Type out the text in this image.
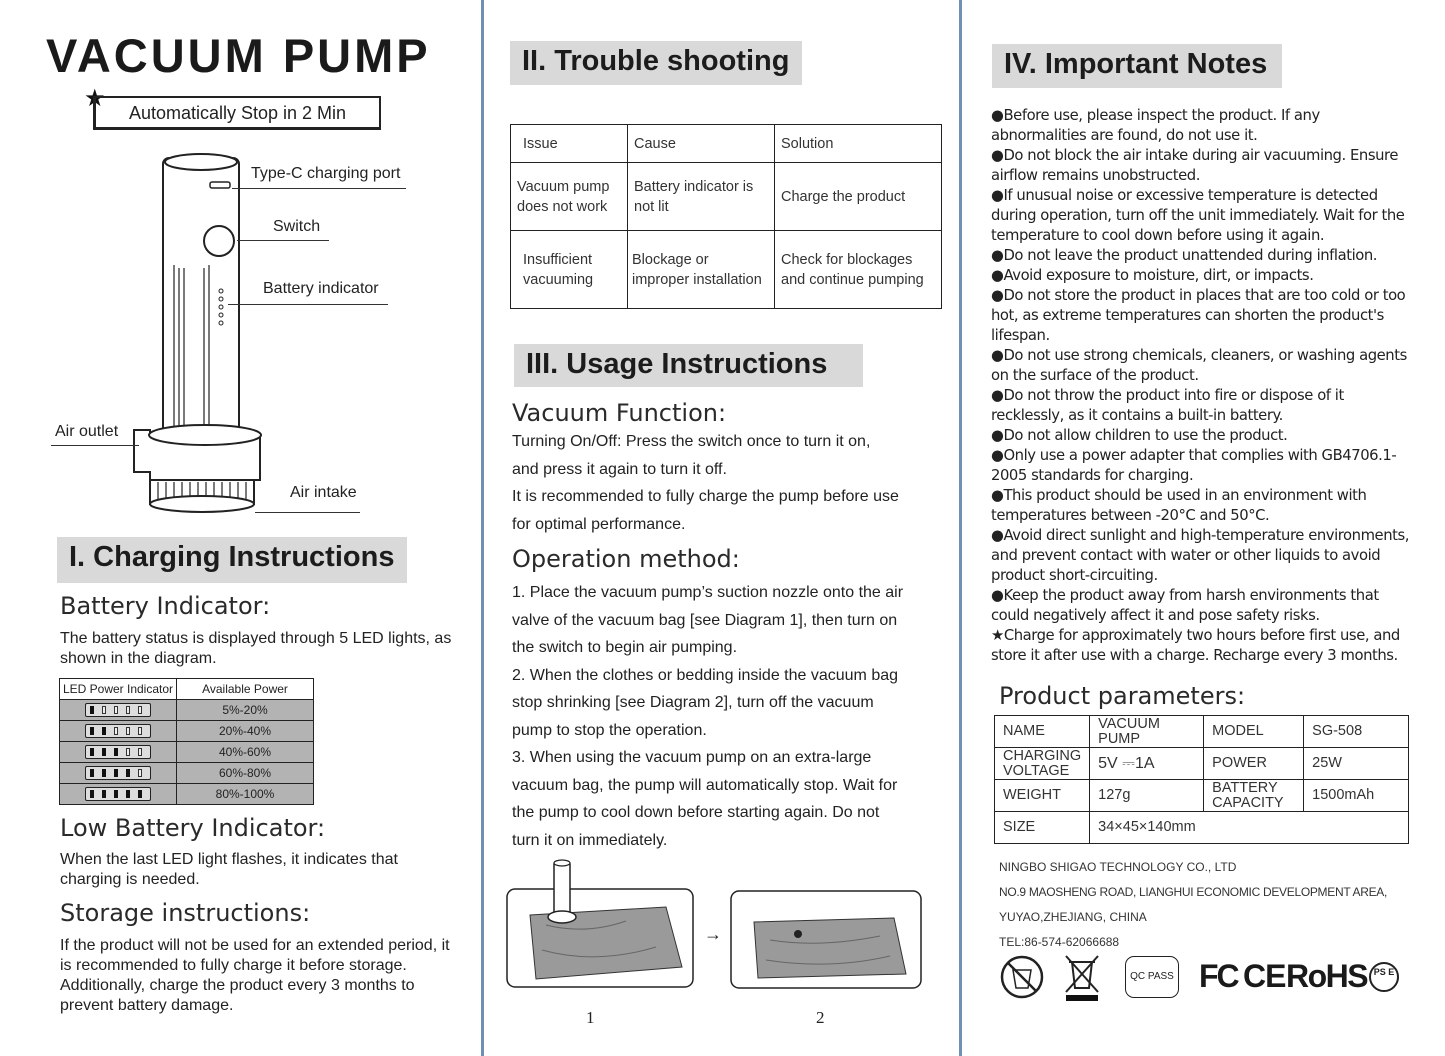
VACUUM PUMP
★
Automatically Stop in 2 Min
Type-C charging port
Switch
Battery indicator
Air outlet
Air intake
I. Charging Instructions
Battery Indicator:
The battery status is displayed through 5 LED lights, as shown in the diagram.
LED Power Indicator	Available Power

	5%-20%

	20%-40%

	40%-60%

	60%-80%

	80%-100%
Low Battery Indicator:
When the last LED light flashes, it indicates that charging is needed.
Storage instructions:
If the product will not be used for an extended period, it is recommended to fully charge it before storage. Additionally, charge the product every 3 months to prevent battery damage.
II. Trouble shooting
Issue	Cause	Solution
Vacuum pump does not work	Battery indicator is not lit	Charge the product
Insufficient vacuuming	Blockage or improper installation	Check for blockages and continue pumping
III. Usage Instructions
Vacuum Function:

Turning On/Off: Press the switch once to turn it on,

and press it again to turn it off.

It is recommended to fully charge the pump before use

for optimal performance.

Operation method:

1. Place the vacuum pump’s suction nozzle onto the air

valve of the vacuum bag [see Diagram 1], then turn on

the switch to begin air pumping.

2. When the clothes or bedding inside the vacuum bag

stop shrinking [see Diagram 2], turn off the vacuum

pump to stop the operation.

3. When using the vacuum pump on an extra-large

vacuum bag, the pump will automatically stop. Wait for

the pump to cool down before starting again. Do not

turn it on immediately.

→
1	2
IV. Important Notes
●Before use, please inspect the product. If any abnormalities are found, do not use it.
●Do not block the air intake during air vacuuming. Ensure airflow remains unobstructed.
●If unusual noise or excessive temperature is detected during operation, turn off the unit immediately. Wait for the temperature to cool down before using it again.
●Do not leave the product unattended during inflation.
●Avoid exposure to moisture, dirt, or impacts.
●Do not store the product in places that are too cold or too hot, as extreme temperatures can shorten the product's lifespan.
●Do not use strong chemicals, cleaners, or washing agents on the surface of the product.
●Do not throw the product into fire or dispose of it recklessly, as it contains a built-in battery.
●Do not allow children to use the product.
●Only use a power adapter that complies with GB4706.1-2005 standards for charging.
●This product should be used in an environment with temperatures between -20°C and 50°C.
●Avoid direct sunlight and high-temperature environments, and prevent contact with water or other liquids to avoid product short-circuiting.
●Keep the product away from harsh environments that could negatively affect it and pose safety risks.
★Charge for approximately two hours before first use, and store it after use with a charge. Recharge every 3 months.
Product parameters:
NAME	VACUUM PUMP	MODEL	SG-508
CHARGING
VOLTAGE	5V ⎓1A	POWER	25W
WEIGHT	127g	BATTERY
CAPACITY	1500mAh
SIZE	34×45×140mm		
NINGBO SHIGAO TECHNOLOGY CO., LTD
NO.9 MAOSHENG ROAD, LIANGHUI ECONOMIC DEVELOPMENT AREA,
YUYAO,ZHEJIANG, CHINA
TEL:86-574-62066688
QC PASS FC CE RoHS PS E
